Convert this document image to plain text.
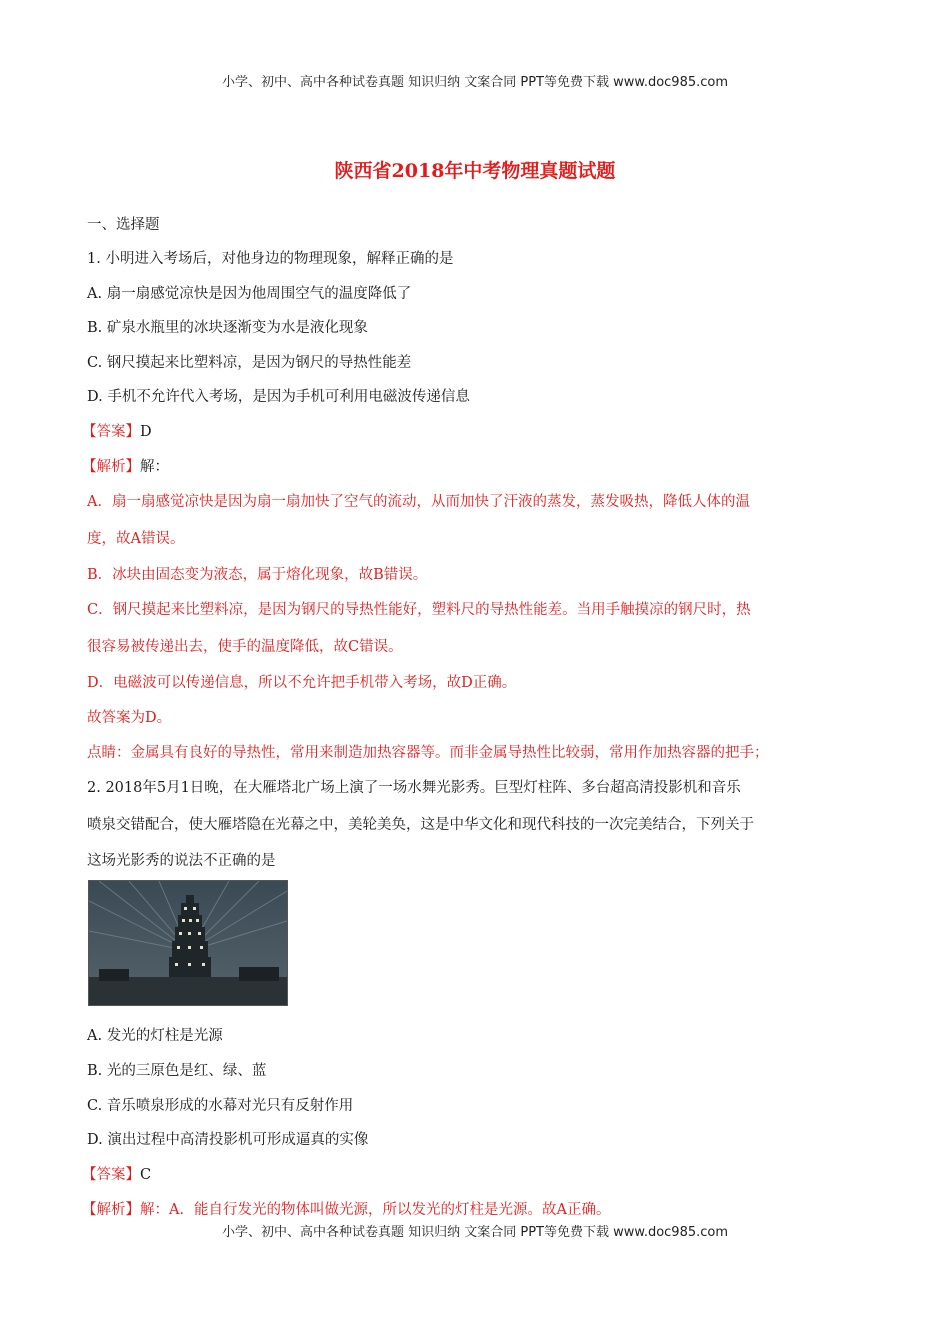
小学、初中、高中各种试卷真题 知识归纳 文案合同 PPT等免费下载 www.doc985.com
陕西省2018年中考物理真题试题
一、选择题
1. 小明进入考场后，对他身边的物理现象，解释正确的是
A. 扇一扇感觉凉快是因为他周围空气的温度降低了
B. 矿泉水瓶里的冰块逐渐变为水是液化现象
C. 钢尺摸起来比塑料凉，是因为钢尺的导热性能差
D. 手机不允许代入考场，是因为手机可利用电磁波传递信息
【答案】D
【解析】解：
A．扇一扇感觉凉快是因为扇一扇加快了空气的流动，从而加快了汗液的蒸发，蒸发吸热，降低人体的温
度，故A错误。
B．冰块由固态变为液态，属于熔化现象，故B错误。
C．钢尺摸起来比塑料凉，是因为钢尺的导热性能好，塑料尺的导热性能差。当用手触摸凉的钢尺时，热
很容易被传递出去，使手的温度降低，故C错误。
D．电磁波可以传递信息，所以不允许把手机带入考场，故D正确。
故答案为D。
点睛：金属具有良好的导热性，常用来制造加热容器等。而非金属导热性比较弱，常用作加热容器的把手；
2. 2018年5月1日晚，在大雁塔北广场上演了一场水舞光影秀。巨型灯柱阵、多台超高清投影机和音乐
喷泉交错配合，使大雁塔隐在光幕之中，美轮美奂，这是中华文化和现代科技的一次完美结合，下列关于
这场光影秀的说法不正确的是
A. 发光的灯柱是光源
B. 光的三原色是红、绿、蓝
C. 音乐喷泉形成的水幕对光只有反射作用
D. 演出过程中高清投影机可形成逼真的实像
【答案】C
【解析】解：A．能自行发光的物体叫做光源，所以发光的灯柱是光源。故A正确。
小学、初中、高中各种试卷真题 知识归纳 文案合同 PPT等免费下载 www.doc985.com
